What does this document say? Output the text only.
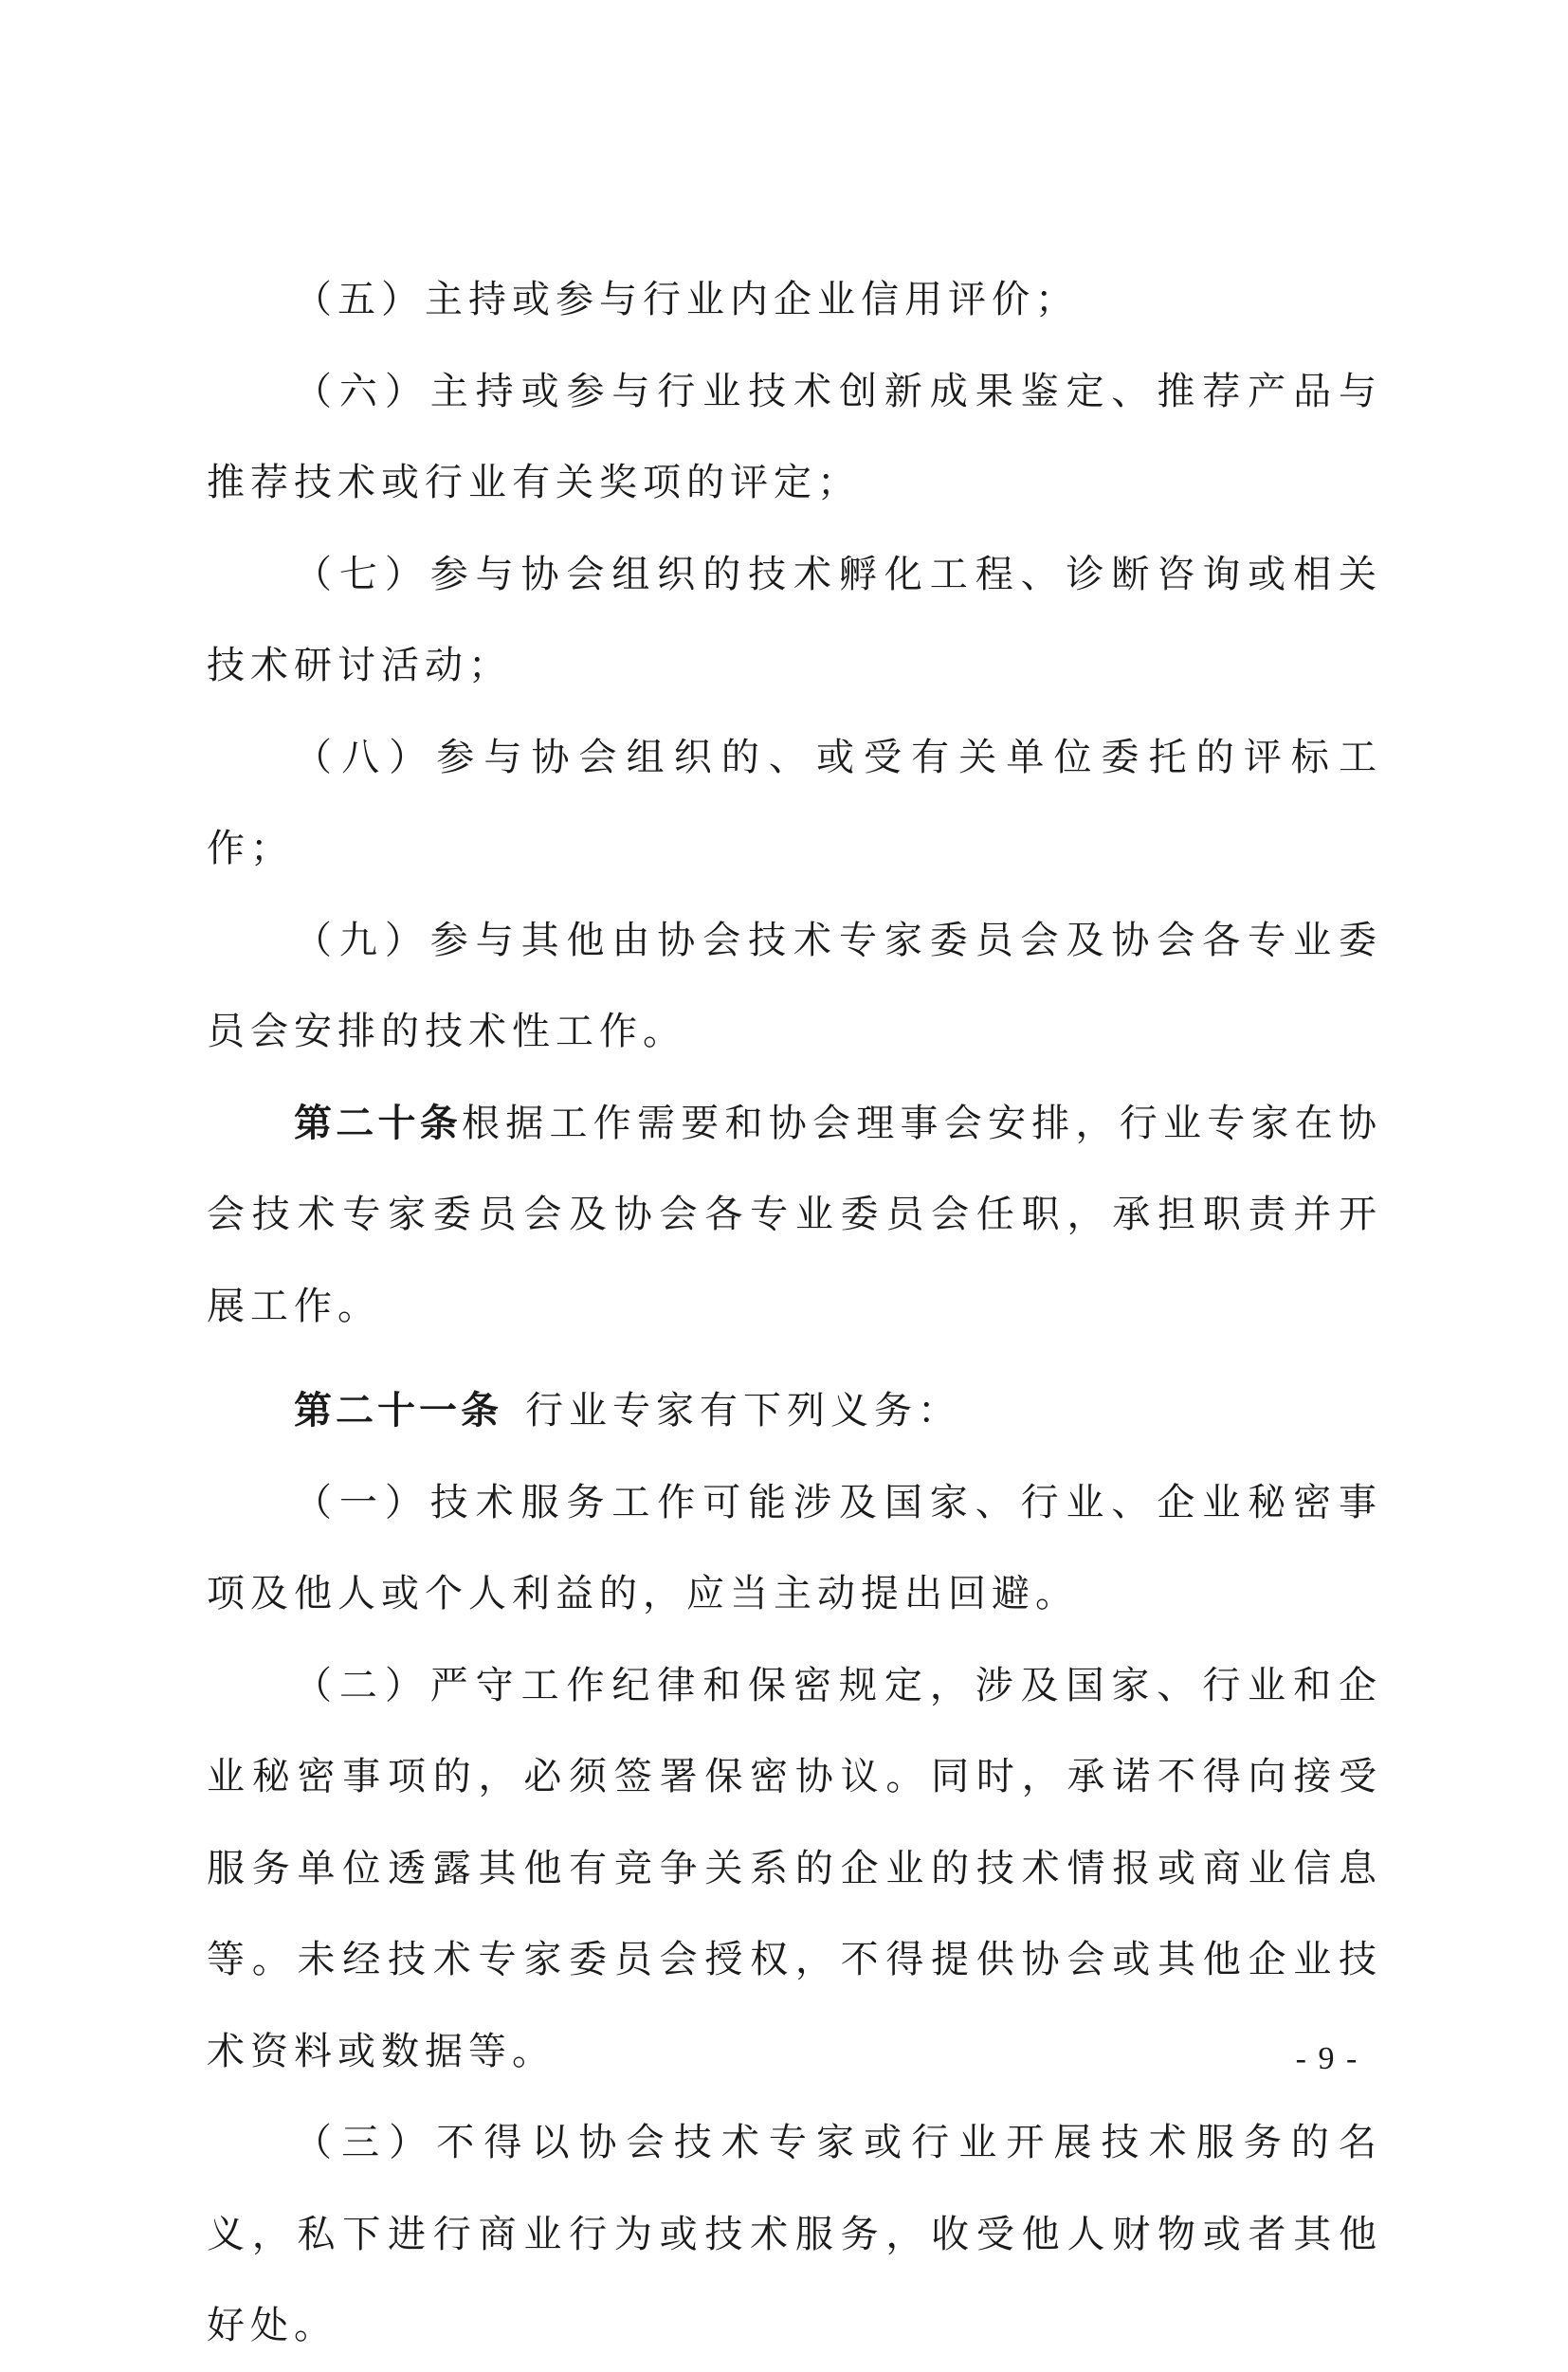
（五）主持或参与行业内企业信用评价；

（六）主持或参与行业技术创新成果鉴定、推荐产品与推荐技术或行业有关奖项的评定；

（七）参与协会组织的技术孵化工程、诊断咨询或相关技术研讨活动；

（八）参与协会组织的、或受有关单位委托的评标工作；

（九）参与其他由协会技术专家委员会及协会各专业委员会安排的技术性工作。

第二十条根据工作需要和协会理事会安排，行业专家在协会技术专家委员会及协会各专业委员会任职，承担职责并开展工作。

第二十一条 行业专家有下列义务：

（一）技术服务工作可能涉及国家、行业、企业秘密事项及他人或个人利益的，应当主动提出回避。

（二）严守工作纪律和保密规定，涉及国家、行业和企业秘密事项的，必须签署保密协议。同时，承诺不得向接受服务单位透露其他有竞争关系的企业的技术情报或商业信息等。未经技术专家委员会授权，不得提供协会或其他企业技术资料或数据等。

（三）不得以协会技术专家或行业开展技术服务的名义，私下进行商业行为或技术服务，收受他人财物或者其他好处。

- 9 -
